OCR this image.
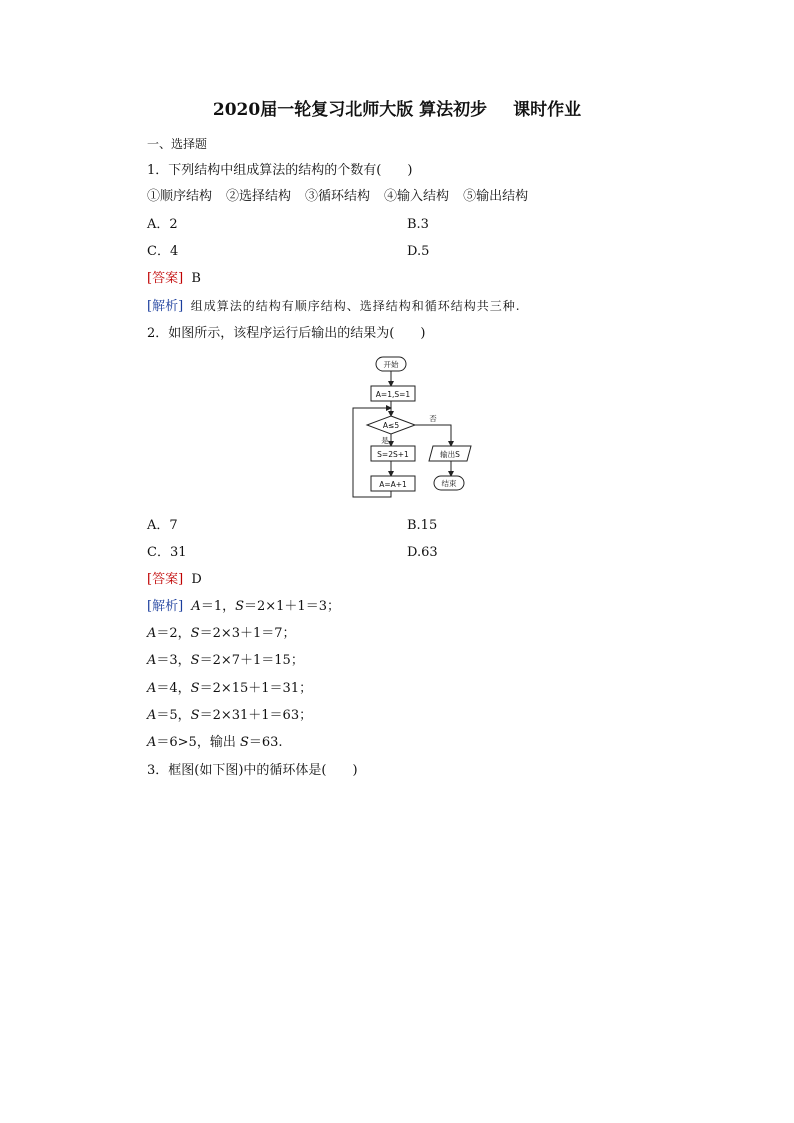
2020届一轮复习北师大版 算法初步 课时作业
一、选择题
1．下列结构中组成算法的结构的个数有(　　)
①顺序结构 ②选择结构 ③循环结构 ④输入结构 ⑤输出结构
A．2	B.3
C．4	D.5
[答案] B
[解析] 组成算法的结构有顺序结构、选择结构和循环结构共三种.
2．如图所示，该程序运行后输出的结果为(　　)
开始
A=1,S=1
A≤5
否
是
S=2S+1
A=A+1
输出S
结束
A．7	B.15
C．31	D.63
[答案] D
[解析] A＝1，S＝2×1＋1＝3；
A＝2，S＝2×3＋1＝7；
A＝3，S＝2×7＋1＝15；
A＝4，S＝2×15＋1＝31；
A＝5，S＝2×31＋1＝63；
A＝6>5，输出 S＝63.
3．框图(如下图)中的循环体是(　　)
